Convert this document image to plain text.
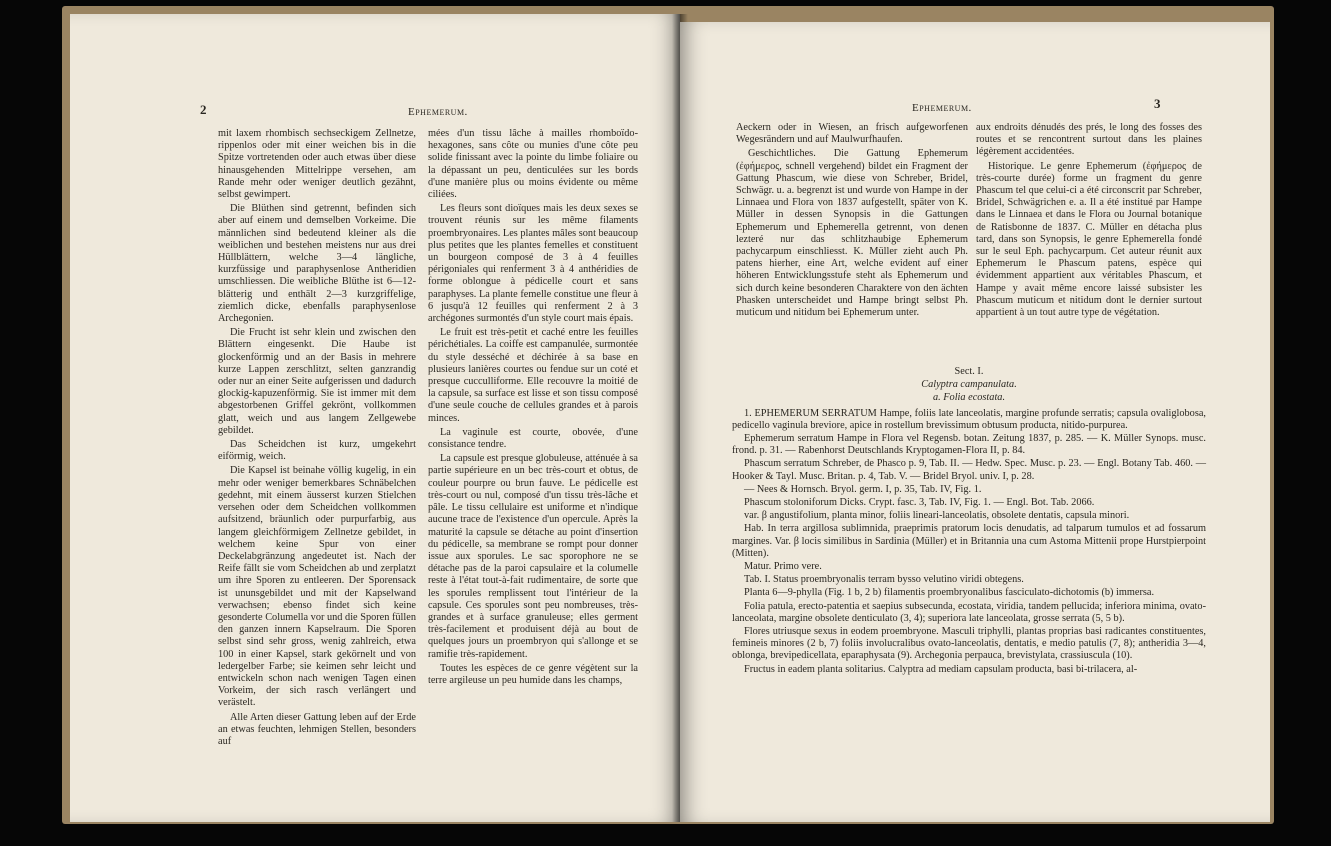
2	Ephemerum.

mit laxem rhombisch sechseckigem Zellnetze, rippenlos oder mit einer weichen bis in die Spitze vortretenden oder auch etwas über diese hinausgehenden Mittelrippe versehen, am Rande mehr oder weniger deutlich gezähnt, selbst gewimpert.

Die Blüthen sind getrennt, befinden sich aber auf einem und demselben Vorkeime. Die männlichen sind bedeutend kleiner als die weiblichen und bestehen meistens nur aus drei Hüllblättern, welche 3—4 längliche, kurzfüssige und paraphysenlose Antheridien umschliessen. Die weibliche Blüthe ist 6—12-blätterig und enthält 2—3 kurzgriffelige, ziemlich dicke, ebenfalls paraphysenlose Archegonien.

Die Frucht ist sehr klein und zwischen den Blättern eingesenkt. Die Haube ist glockenförmig und an der Basis in mehrere kurze Lappen zerschlitzt, selten ganzrandig oder nur an einer Seite aufgerissen und dadurch glockig-kapuzenförmig. Sie ist immer mit dem abgestorbenen Griffel gekrönt, vollkommen glatt, weich und aus langem Zellgewebe gebildet.

Das Scheidchen ist kurz, umgekehrt eiförmig, weich.

Die Kapsel ist beinahe völlig kugelig, in ein mehr oder weniger bemerkbares Schnäbelchen gedehnt, mit einem äusserst kurzen Stielchen versehen oder dem Scheidchen vollkommen aufsitzend, bräunlich oder purpurfarbig, aus langem gleichförmigem Zellnetze gebildet, in welchem keine Spur von einer Deckelabgränzung angedeutet ist. Nach der Reife fällt sie vom Scheidchen ab und zerplatzt um ihre Sporen zu entleeren. Der Sporensack ist ununsgebildet und mit der Kapselwand verwachsen; ebenso findet sich keine gesonderte Columella vor und die Sporen füllen den ganzen innern Kapselraum. Die Sporen selbst sind sehr gross, wenig zahlreich, etwa 100 in einer Kapsel, stark gekörnelt und von ledergelber Farbe; sie keimen sehr leicht und entwickeln schon nach wenigen Tagen einen Vorkeim, der sich rasch verlängert und verästelt.

Alle Arten dieser Gattung leben auf der Erde an etwas feuchten, lehmigen Stellen, besonders auf

mées d'un tissu lâche à mailles rhomboïdo-hexagones, sans côte ou munies d'une côte peu solide finissant avec la pointe du limbe foliaire ou la dépassant un peu, denticulées sur les bords d'une manière plus ou moins évidente ou même ciliées.

Les fleurs sont dioïques mais les deux sexes se trouvent réunis sur les même filaments proembryonaires. Les plantes mâles sont beaucoup plus petites que les plantes femelles et constituent un bourgeon composé de 3 à 4 feuilles périgoniales qui renferment 3 à 4 anthéridies de forme oblongue à pédicelle court et sans paraphyses. La plante femelle constitue une fleur à 6 jusqu'à 12 feuilles qui renferment 2 à 3 archégones surmontés d'un style court mais épais.

Le fruit est très-petit et caché entre les feuilles périchétiales. La coiffe est campanulée, surmontée du style desséché et déchirée à sa base en plusieurs lanières courtes ou fendue sur un coté et presque cucculliforme. Elle recouvre la moitié de la capsule, sa surface est lisse et son tissu composé d'une seule couche de cellules grandes et à parois minces.

La vaginule est courte, obovée, d'une consistance tendre.

La capsule est presque globuleuse, atténuée à sa partie supérieure en un bec très-court et obtus, de couleur pourpre ou brun fauve. Le pédicelle est très-court ou nul, composé d'un tissu très-lâche et pâle. Le tissu cellulaire est uniforme et n'indique aucune trace de l'existence d'un opercule. Après la maturité la capsule se détache au point d'insertion du pédicelle, sa membrane se rompt pour donner issue aux sporules. Le sac sporophore ne se détache pas de la paroi capsulaire et la columelle reste à l'état tout-à-fait rudimentaire, de sorte que les sporules remplissent tout l'intérieur de la capsule. Ces sporules sont peu nombreuses, très-grandes et à surface granuleuse; elles germent très-facilement et produisent déjà au bout de quelques jours un proembryon qui s'allonge et se ramifie très-rapidement.

Toutes les espèces de ce genre végètent sur la terre argileuse un peu humide dans les champs,

Ephemerum.	3

Aeckern oder in Wiesen, an frisch aufgeworfenen Wegesrändern und auf Maulwurfhaufen.

Geschichtliches. Die Gattung Ephemerum (ἐφήμερος, schnell vergehend) bildet ein Fragment der Gattung Phascum, wie diese von Schreber, Bridel, Schwägr. u. a. begrenzt ist und wurde von Hampe in der Linnaea und Flora von 1837 aufgestellt, später von K. Müller in dessen Synopsis in die Gattungen Ephemerum und Ephemerella getrennt, von denen lezteré nur das schlitzhaubige Ephemerum pachycarpum einschliesst. K. Müller zieht auch Ph. patens hierher, eine Art, welche evident auf einer höheren Entwicklungsstufe steht als Ephemerum und sich durch keine besonderen Charaktere von den ächten Phasken unterscheidet und Hampe bringt selbst Ph. muticum und nitidum bei Ephemerum unter.

aux endroits dénudés des prés, le long des fosses des routes et se rencontrent surtout dans les plaines légèrement accidentées.

Historique. Le genre Ephemerum (ἐφήμερος de très-courte durée) forme un fragment du genre Phascum tel que celui-ci a été circonscrit par Schreber, Bridel, Schwägrichen e. a. Il a été institué par Hampe dans le Linnaea et dans le Flora ou Journal botanique de Ratisbonne de 1837. C. Müller en détacha plus tard, dans son Synopsis, le genre Ephemerella fondé sur le seul Eph. pachycarpum. Cet auteur réunit aux Ephemerum le Phascum patens, espèce qui évidemment appartient aux véritables Phascum, et Hampe y avait même encore laissé subsister les Phascum muticum et nitidum dont le dernier surtout appartient à un tout autre type de végétation.

Sect. I.

Calyptra campanulata.

a. Folia ecostata.

1. EPHEMERUM SERRATUM Hampe, foliis late lanceolatis, margine profunde serratis; capsula ovaliglobosa, pedicello vaginula breviore, apice in rostellum brevissimum obtusum producta, nitido-purpurea.

Ephemerum serratum Hampe in Flora vel Regensb. botan. Zeitung 1837, p. 285. — K. Müller Synops. musc. frond. p. 31. — Rabenhorst Deutschlands Kryptogamen-Flora II, p. 84.

Phascum serratum Schreber, de Phasco p. 9, Tab. II. — Hedw. Spec. Musc. p. 23. — Engl. Botany Tab. 460. — Hooker & Tayl. Musc. Britan. p. 4, Tab. V. — Bridel Bryol. univ. I, p. 28.

— Nees & Hornsch. Bryol. germ. I, p. 35, Tab. IV, Fig. 1.

Phascum stoloniforum Dicks. Crypt. fasc. 3, Tab. IV, Fig. 1. — Engl. Bot. Tab. 2066.

var. β angustifolium, planta minor, foliis lineari-lanceolatis, obsolete dentatis, capsula minori.

Hab. In terra argillosa sublimnida, praeprimis pratorum locis denudatis, ad talparum tumulos et ad fossarum margines. Var. β locis similibus in Sardinia (Müller) et in Britannia una cum Astoma Mittenii prope Hurstpierpoint (Mitten).

Matur. Primo vere.

Tab. I. Status proembryonalis terram bysso velutino viridi obtegens.

Planta 6—9-phylla (Fig. 1 b, 2 b) filamentis proembryonalibus fasciculato-dichotomis (b) immersa.

Folia patula, erecto-patentia et saepius subsecunda, ecostata, viridia, tandem pellucida; inferiora minima, ovato-lanceolata, margine obsolete denticulato (3, 4); superiora late lanceolata, grosse serrata (5, 5 b).

Flores utriusque sexus in eodem proembryone. Masculi triphylli, plantas proprias basi radicantes constituentes, femineis minores (2 b, 7) foliis involucralibus ovato-lanceolatis, dentatis, e medio patulis (7, 8); antheridia 3—4, oblonga, brevipedicellata, eparaphysata (9). Archegonia perpauca, brevistylata, crassiuscula (10).

Fructus in eadem planta solitarius. Calyptra ad mediam capsulam producta, basi bi-trilacera, al-
